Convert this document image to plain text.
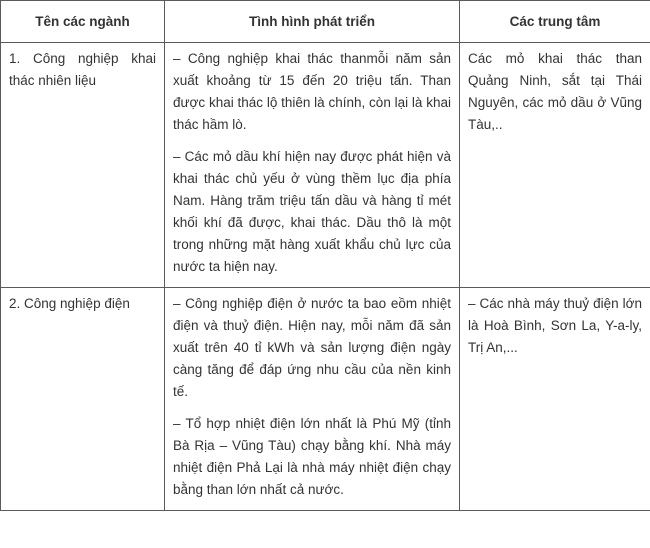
Tên các ngành	Tình hình phát triển	Các trung tâm

1. Công nghiệp khai thác nhiên liệu	– Công nghiệp khai thác thanmỗi năm sản xuất khoảng từ 15 đến 20 triệu tấn. Than được khai thác lộ thiên là chính, còn lại là khai thác hầm lò.

– Các mỏ dầu khí hiện nay được phát hiện và khai thác chủ yếu ở vùng thềm lục địa phía Nam. Hàng trăm triệu tấn dầu và hàng tỉ mét khối khí đã được, khai thác. Dầu thô là một trong những mặt hàng xuất khẩu chủ lực của nước ta hiện nay.	Các mỏ khai thác than Quảng Ninh, sắt tại Thái Nguyên, các mỏ dầu ở Vũng Tàu,..

2. Công nghiệp điện	– Công nghiệp điện ở nước ta bao eồm nhiệt điện và thuỷ điện. Hiện nay, mỗi năm đã sản xuất trên 40 tỉ kWh và sản lượng điện ngày càng tăng để đáp ứng nhu cầu của nền kinh tế.

– Tổ hợp nhiệt điện lớn nhất là Phú Mỹ (tỉnh Bà Rịa – Vũng Tàu) chạy bằng khí. Nhà máy nhiệt điện Phả Lại là nhà máy nhiệt điện chạy bằng than lớn nhất cả nước.	– Các nhà máy thuỷ điện lớn là Hoà Bình, Sơn La, Y-a-ly, Trị An,...
